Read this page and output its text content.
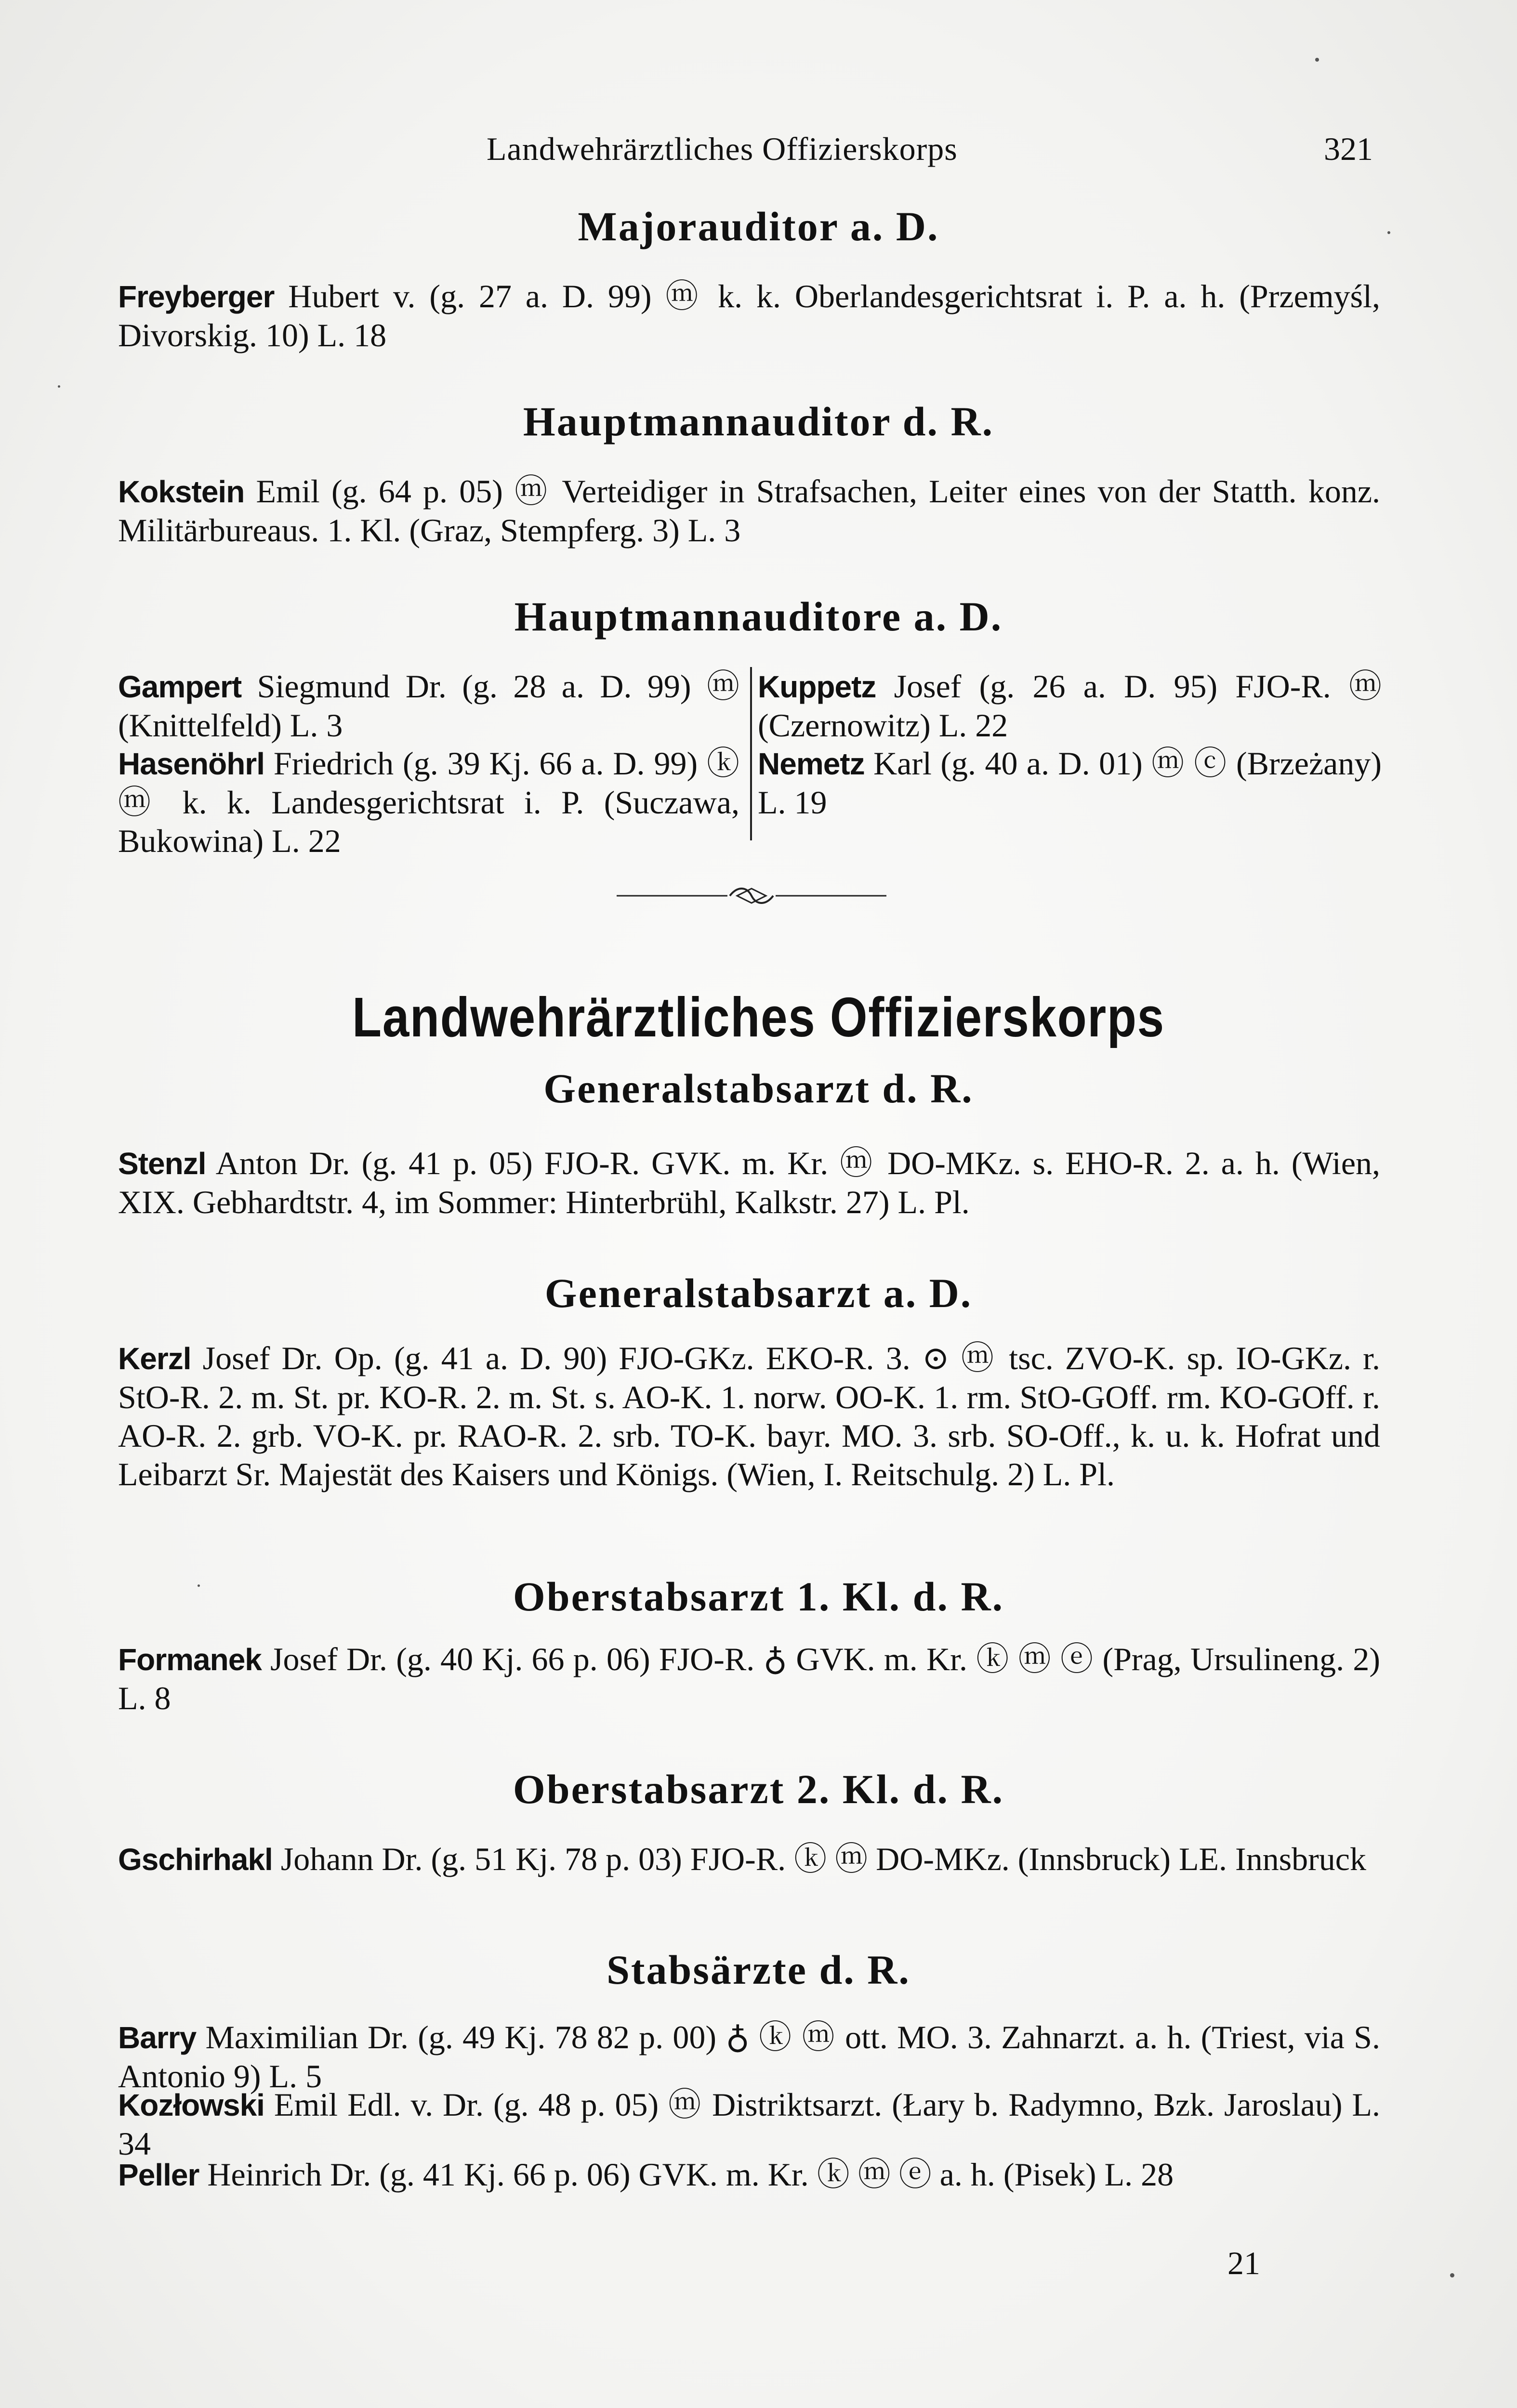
Landwehrärztliches Offizierskorps	321
Majorauditor a. D.
Freyberger Hubert v. (g. 27 a. D. 99) ⓜ k. k. Oberlandesgerichtsrat i. P. a. h. (Przemyśl, Divorskig. 10) L. 18
Hauptmannauditor d. R.
Kokstein Emil (g. 64 p. 05) ⓜ Verteidiger in Strafsachen, Leiter eines von der Statth. konz. Militärbureaus. 1. Kl. (Graz, Stempferg. 3) L. 3
Hauptmannauditore a. D.
Gampert Siegmund Dr. (g. 28 a. D. 99) ⓜ (Knittelfeld) L. 3
Hasenöhrl Friedrich (g. 39 Kj. 66 a. D. 99) ⓚ ⓜ k. k. Landesgerichtsrat i. P. (Suczawa, Bukowina) L. 22
Kuppetz Josef (g. 26 a. D. 95) FJO-R. ⓜ (Czernowitz) L. 22
Nemetz Karl (g. 40 a. D. 01) ⓜ ⓒ (Brzeżany) L. 19
Landwehrärztliches Offizierskorps
Generalstabsarzt d. R.
Stenzl Anton Dr. (g. 41 p. 05) FJO-R. GVK. m. Kr. ⓜ DO-MKz. s. EHO-R. 2. a. h. (Wien, XIX. Gebhardtstr. 4, im Sommer: Hinterbrühl, Kalkstr. 27) L. Pl.
Generalstabsarzt a. D.
Kerzl Josef Dr. Op. (g. 41 a. D. 90) FJO-GKz. EKO-R. 3. ⊙ ⓜ tsc. ZVO-K. sp. IO-GKz. r. StO-R. 2. m. St. pr. KO-R. 2. m. St. s. AO-K. 1. norw. OO-K. 1. rm. StO-GOff. rm. KO-GOff. r. AO-R. 2. grb. VO-K. pr. RAO-R. 2. srb. TO-K. bayr. MO. 3. srb. SO-Off., k. u. k. Hofrat und Leibarzt Sr. Majestät des Kaisers und Königs. (Wien, I. Reitschulg. 2) L. Pl.
Oberstabsarzt 1. Kl. d. R.
Formanek Josef Dr. (g. 40 Kj. 66 p. 06) FJO-R. ♁ GVK. m. Kr. ⓚ ⓜ ⓔ (Prag, Ursulineng. 2) L. 8
Oberstabsarzt 2. Kl. d. R.
Gschirhakl Johann Dr. (g. 51 Kj. 78 p. 03) FJO-R. ⓚ ⓜ DO-MKz. (Innsbruck) LE. Innsbruck
Stabsärzte d. R.
Barry Maximilian Dr. (g. 49 Kj. 78 82 p. 00) ♁ ⓚ ⓜ ott. MO. 3. Zahnarzt. a. h. (Triest, via S. Antonio 9) L. 5
Kozłowski Emil Edl. v. Dr. (g. 48 p. 05) ⓜ Distriktsarzt. (Łary b. Radymno, Bzk. Jaroslau) L. 34
Peller Heinrich Dr. (g. 41 Kj. 66 p. 06) GVK. m. Kr. ⓚ ⓜ ⓔ a. h. (Pisek) L. 28
21
